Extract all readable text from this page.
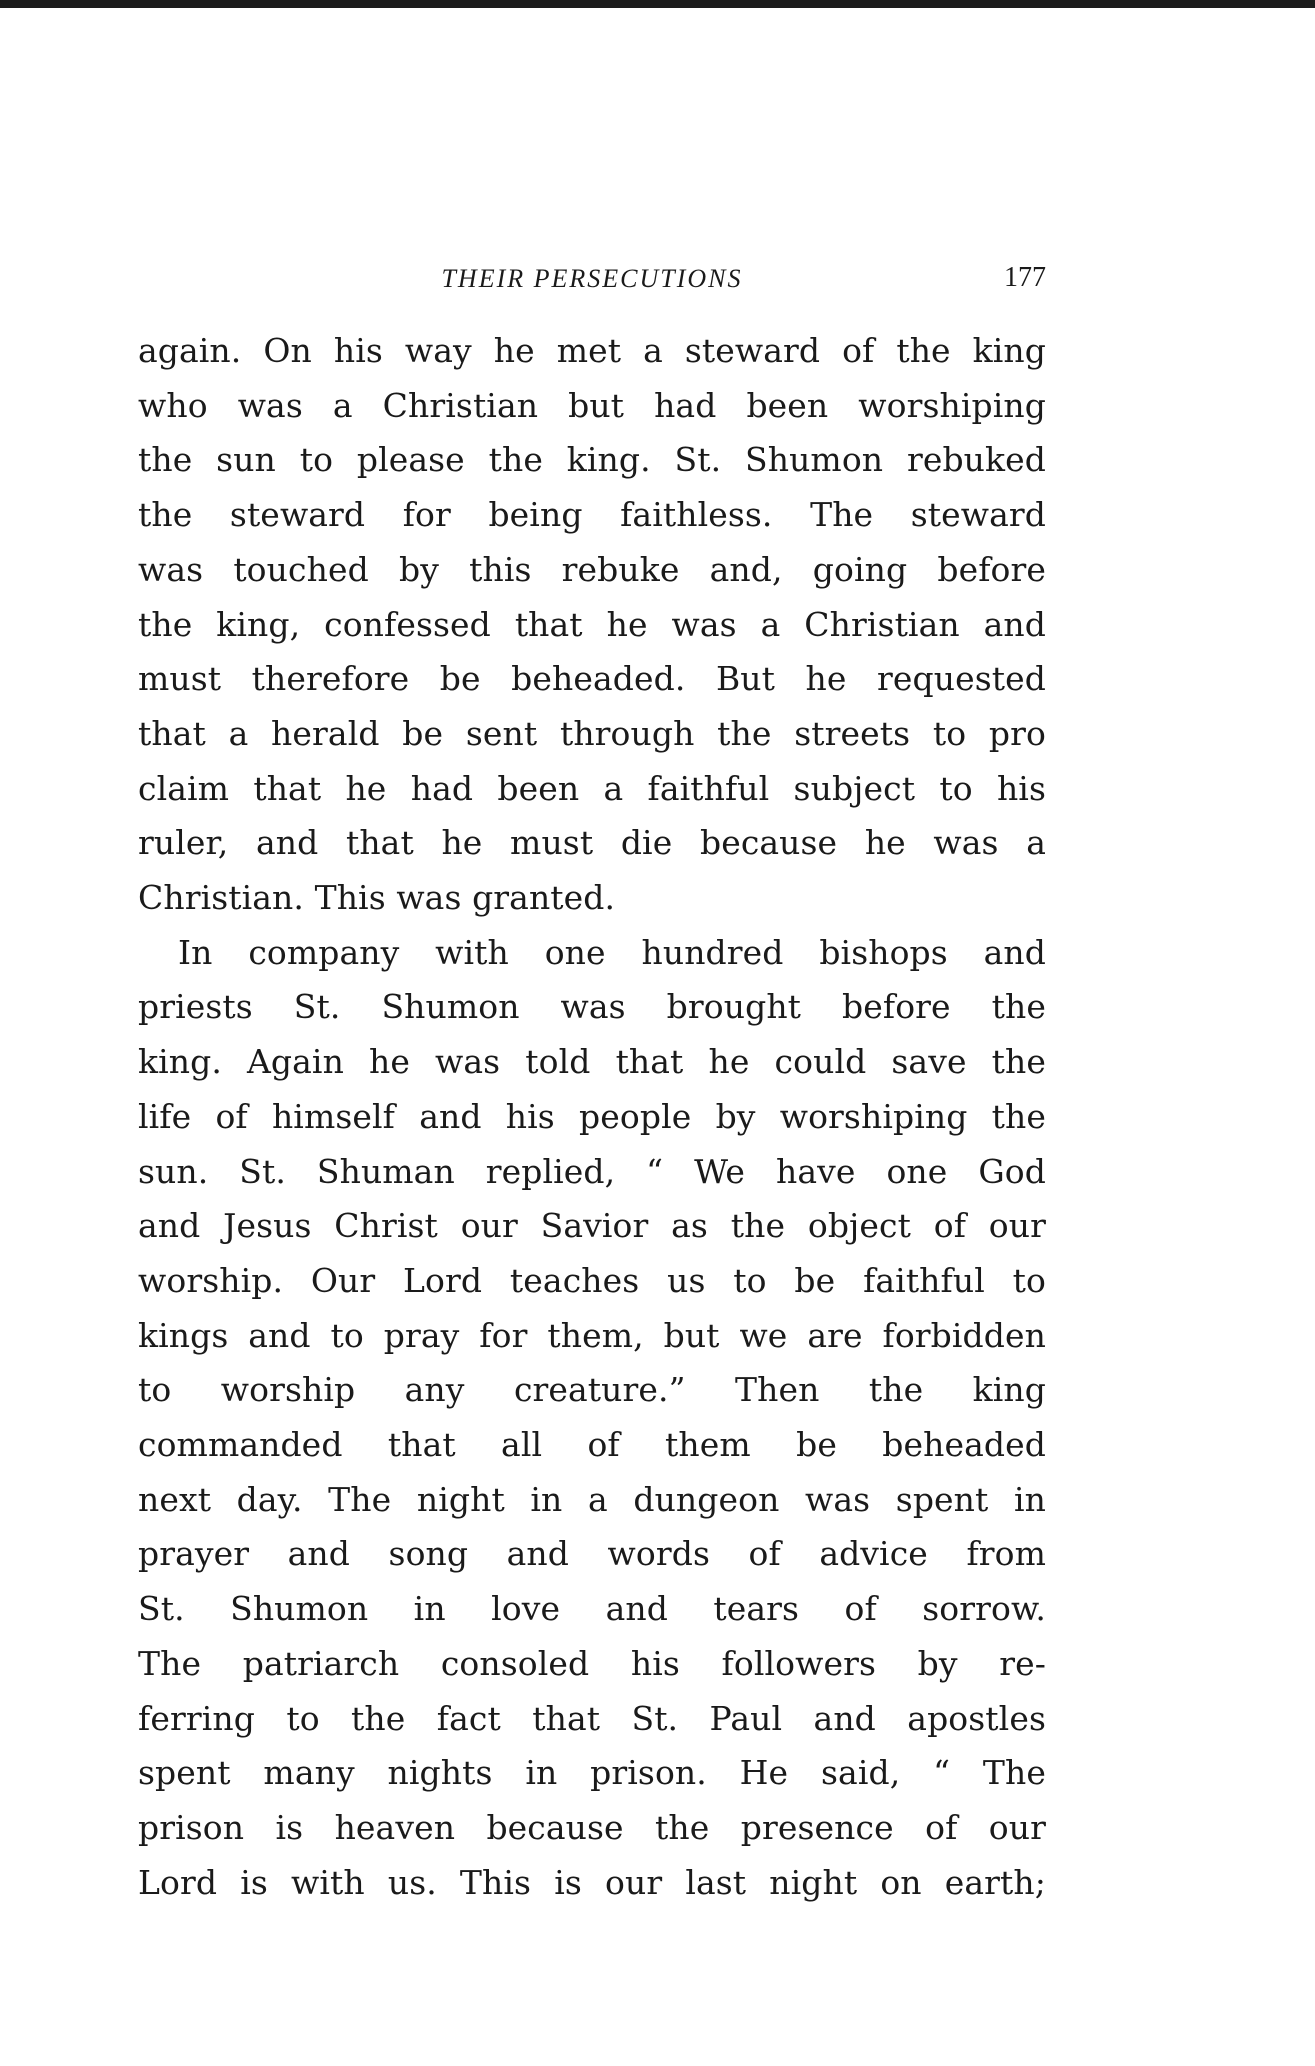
THEIR PERSECUTIONS	177

again. On his way he met a steward of the king
who was a Christian but had been worshiping
the sun to please the king. St. Shumon rebuked
the steward for being faithless. The steward
was touched by this rebuke and, going before
the king, confessed that he was a Christian and
must therefore be beheaded. But he requested
that a herald be sent through the streets to pro
claim that he had been a faithful subject to his
ruler, and that he must die because he was a
Christian. This was granted.

In company with one hundred bishops and
priests St. Shumon was brought before the
king. Again he was told that he could save the
life of himself and his people by worshiping the
sun. St. Shuman replied, “ We have one God
and Jesus Christ our Savior as the object of our
worship. Our Lord teaches us to be faithful to
kings and to pray for them, but we are forbidden
to worship any creature.” Then the king
commanded that all of them be beheaded
next day. The night in a dungeon was spent in
prayer and song and words of advice from
St. Shumon in love and tears of sorrow.
The patriarch consoled his followers by re-
ferring to the fact that St. Paul and apostles
spent many nights in prison. He said, “ The
prison is heaven because the presence of our
Lord is with us. This is our last night on earth;
